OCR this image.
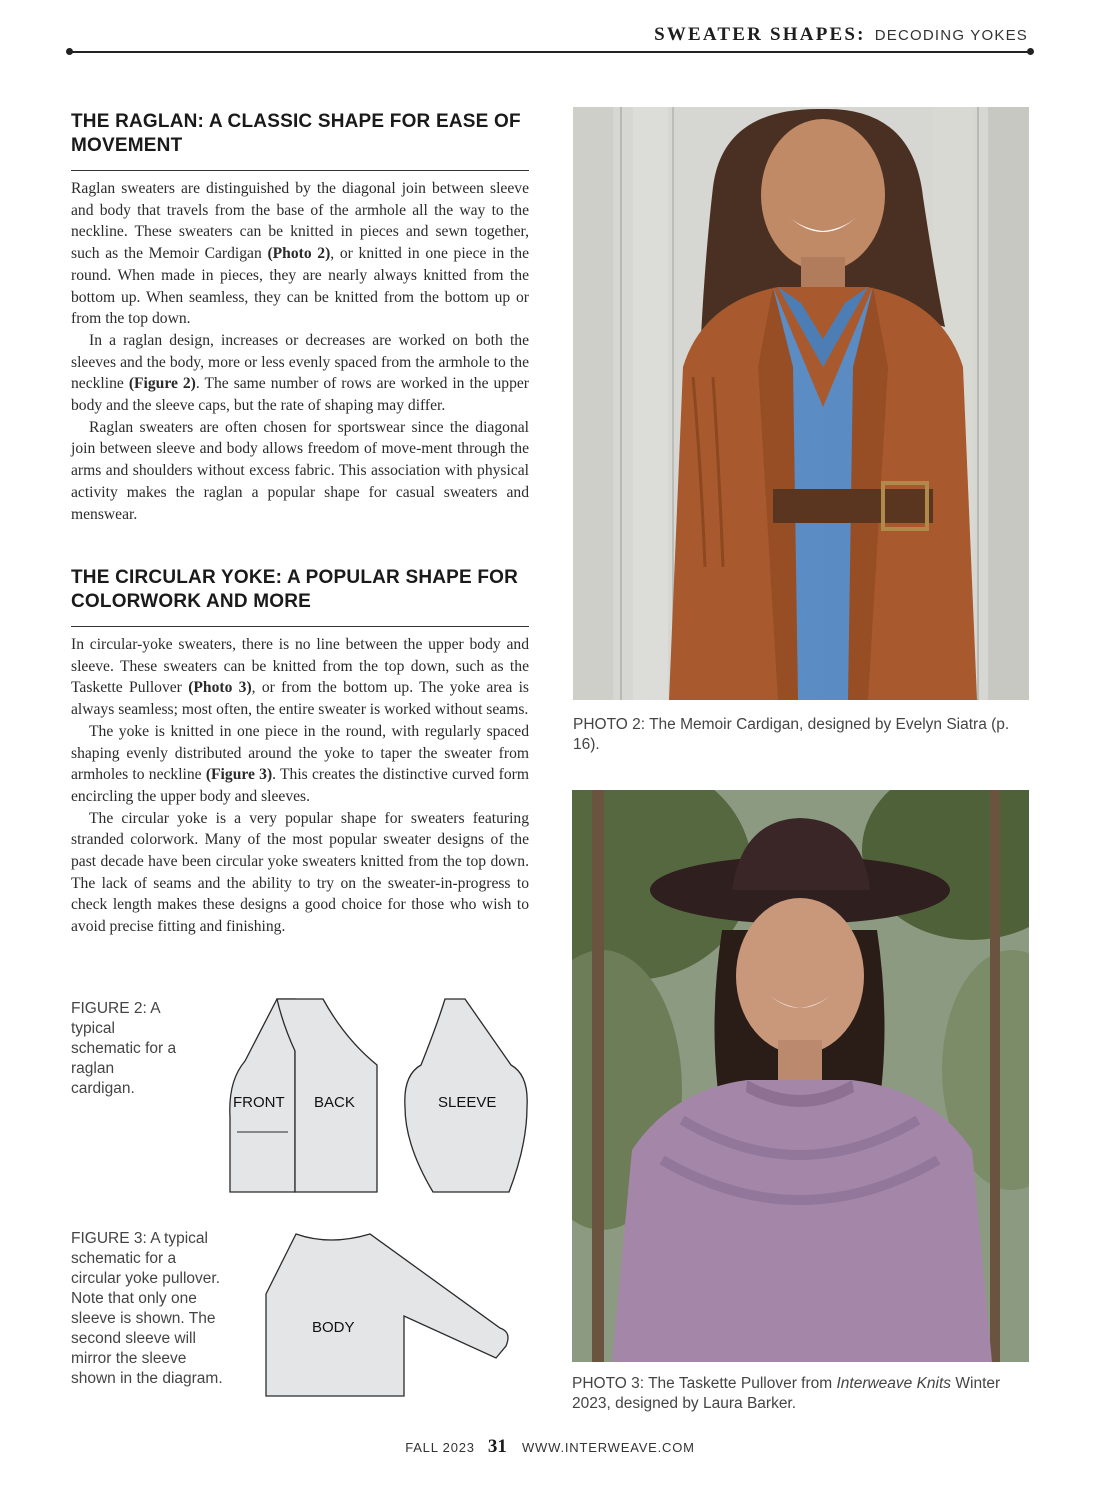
SWEATER SHAPES: DECODING YOKES
THE RAGLAN: A CLASSIC SHAPE FOR EASE OF MOVEMENT

Raglan sweaters are distinguished by the diagonal join between sleeve and body that travels from the base of the armhole all the way to the neckline. These sweaters can be knitted in pieces and sewn together, such as the Memoir Cardigan (Photo 2), or knitted in one piece in the round. When made in pieces, they are nearly always knitted from the bottom up. When seamless, they can be knitted from the bottom up or from the top down.

In a raglan design, increases or decreases are worked on both the sleeves and the body, more or less evenly spaced from the armhole to the neckline (Figure 2). The same number of rows are worked in the upper body and the sleeve caps, but the rate of shaping may differ.

Raglan sweaters are often chosen for sportswear since the diagonal join between sleeve and body allows freedom of move-ment through the arms and shoulders without excess fabric. This association with physical activity makes the raglan a popular shape for casual sweaters and menswear.

THE CIRCULAR YOKE: A POPULAR SHAPE FOR COLORWORK AND MORE

In circular-yoke sweaters, there is no line between the upper body and sleeve. These sweaters can be knitted from the top down, such as the Taskette Pullover (Photo 3), or from the bottom up. The yoke area is always seamless; most often, the entire sweater is worked without seams.

The yoke is knitted in one piece in the round, with regularly spaced shaping evenly distributed around the yoke to taper the sweater from armholes to neckline (Figure 3). This creates the distinctive curved form encircling the upper body and sleeves.

The circular yoke is a very popular shape for sweaters featuring stranded colorwork. Many of the most popular sweater designs of the past decade have been circular yoke sweaters knitted from the top down. The lack of seams and the ability to try on the sweater-in-progress to check length makes these designs a good choice for those who wish to avoid precise fitting and finishing.

FIGURE 2: A typical schematic for a raglan cardigan.
FRONT BACK	SLEEVE
FIGURE 3: A typical schematic for a circular yoke pullover. Note that only one sleeve is shown. The second sleeve will mirror the sleeve shown in the diagram.
BODY
PHOTO 2: The Memoir Cardigan, designed by Evelyn Siatra (p. 16).
PHOTO 3: The Taskette Pullover from Interweave Knits Winter 2023, designed by Laura Barker.
FALL 2023 31 WWW.INTERWEAVE.COM
